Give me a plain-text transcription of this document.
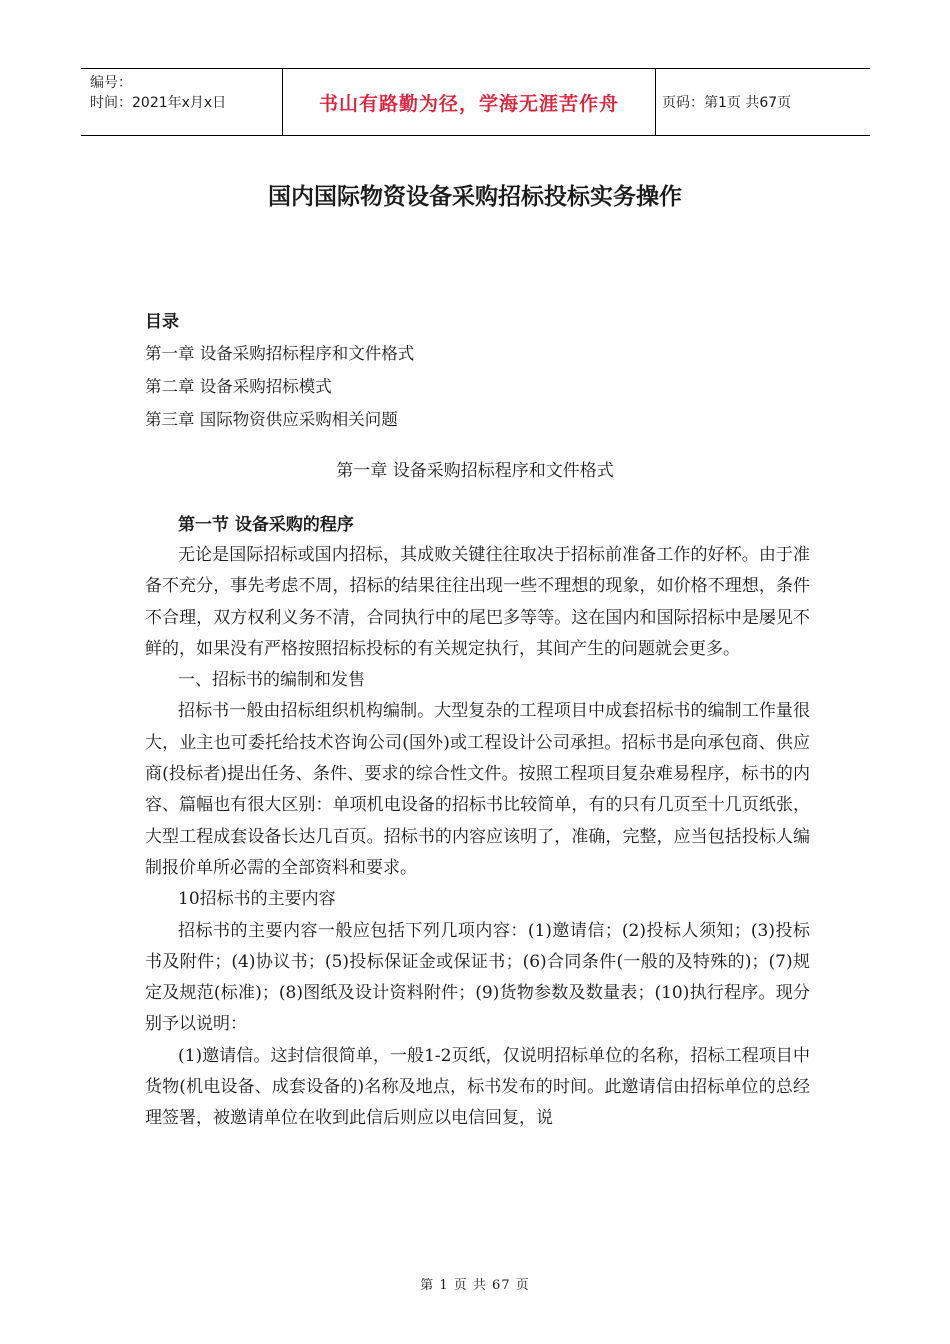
编号：
时间：2021年x月x日	书山有路勤为径，学海无涯苦作舟	页码：第1页 共67页
国内国际物资设备采购招标投标实务操作

目录

第一章 设备采购招标程序和文件格式

第二章 设备采购招标模式

第三章 国际物资供应采购相关问题

第一章 设备采购招标程序和文件格式

第一节 设备采购的程序

无论是国际招标或国内招标，其成败关键往往取决于招标前准备工作的好杯。由于准备不充分，事先考虑不周，招标的结果往往出现一些不理想的现象，如价格不理想，条件不合理，双方权利义务不清，合同执行中的尾巴多等等。这在国内和国际招标中是屡见不鲜的，如果没有严格按照招标投标的有关规定执行，其间产生的问题就会更多。

一、招标书的编制和发售

招标书一般由招标组织机构编制。大型复杂的工程项目中成套招标书的编制工作量很大，业主也可委托给技术咨询公司(国外)或工程设计公司承担。招标书是向承包商、供应商(投标者)提出任务、条件、要求的综合性文件。按照工程项目复杂难易程序，标书的内容、篇幅也有很大区别：单项机电设备的招标书比较简单，有的只有几页至十几页纸张，大型工程成套设备长达几百页。招标书的内容应该明了，准确，完整，应当包括投标人编制报价单所必需的全部资料和要求。

10招标书的主要内容

招标书的主要内容一般应包括下列几项内容：(1)邀请信；(2)投标人须知；(3)投标书及附件；(4)协议书；(5)投标保证金或保证书；(6)合同条件(一般的及特殊的)；(7)规定及规范(标准)；(8)图纸及设计资料附件；(9)货物参数及数量表；(10)执行程序。现分别予以说明：

(1)邀请信。这封信很简单，一般1-2页纸，仅说明招标单位的名称，招标工程项目中货物(机电设备、成套设备的)名称及地点，标书发布的时间。此邀请信由招标单位的总经理签署，被邀请单位在收到此信后则应以电信回复，说

第 1 页 共 67 页
